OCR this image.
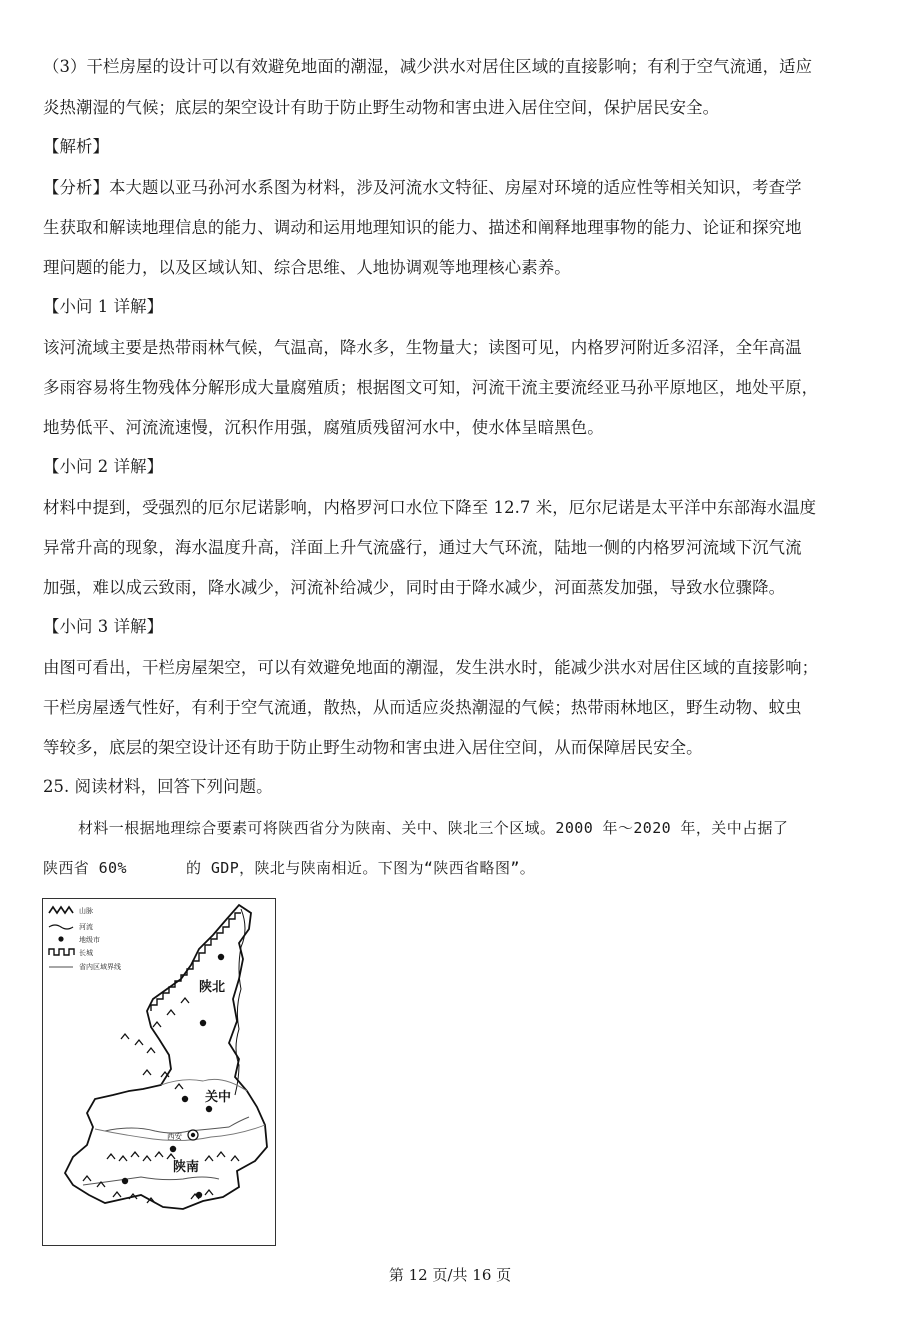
（3）干栏房屋的设计可以有效避免地面的潮湿，减少洪水对居住区域的直接影响；有利于空气流通，适应
炎热潮湿的气候；底层的架空设计有助于防止野生动物和害虫进入居住空间，保护居民安全。
【解析】
【分析】本大题以亚马孙河水系图为材料，涉及河流水文特征、房屋对环境的适应性等相关知识，考查学
生获取和解读地理信息的能力、调动和运用地理知识的能力、描述和阐释地理事物的能力、论证和探究地
理问题的能力，以及区域认知、综合思维、人地协调观等地理核心素养。
【小问 1 详解】
该河流域主要是热带雨林气候，气温高，降水多，生物量大；读图可见，内格罗河附近多沼泽，全年高温
多雨容易将生物残体分解形成大量腐殖质；根据图文可知，河流干流主要流经亚马孙平原地区，地处平原，
地势低平、河流流速慢，沉积作用强，腐殖质残留河水中，使水体呈暗黑色。
【小问 2 详解】
材料中提到，受强烈的厄尔尼诺影响，内格罗河口水位下降至 12.7 米，厄尔尼诺是太平洋中东部海水温度
异常升高的现象，海水温度升高，洋面上升气流盛行，通过大气环流，陆地一侧的内格罗河流域下沉气流
加强，难以成云致雨，降水减少，河流补给减少，同时由于降水减少，河面蒸发加强，导致水位骤降。
【小问 3 详解】
由图可看出，干栏房屋架空，可以有效避免地面的潮湿，发生洪水时，能减少洪水对居住区域的直接影响；
干栏房屋透气性好，有利于空气流通，散热，从而适应炎热潮湿的气候；热带雨林地区，野生动物、蚊虫
等较多，底层的架空设计还有助于防止野生动物和害虫进入居住空间，从而保障居民安全。
25. 阅读材料，回答下列问题。
材料一根据地理综合要素可将陕西省分为陕南、关中、陕北三个区域。2000 年～2020 年，关中占据了
陕西省 60%	的 GDP，陕北与陕南相近。下图为“陕西省略图”。
山脉
河流
地级市
长城
省内区域界线
陕北
关中
陕南
西安
第 12 页/共 16 页
